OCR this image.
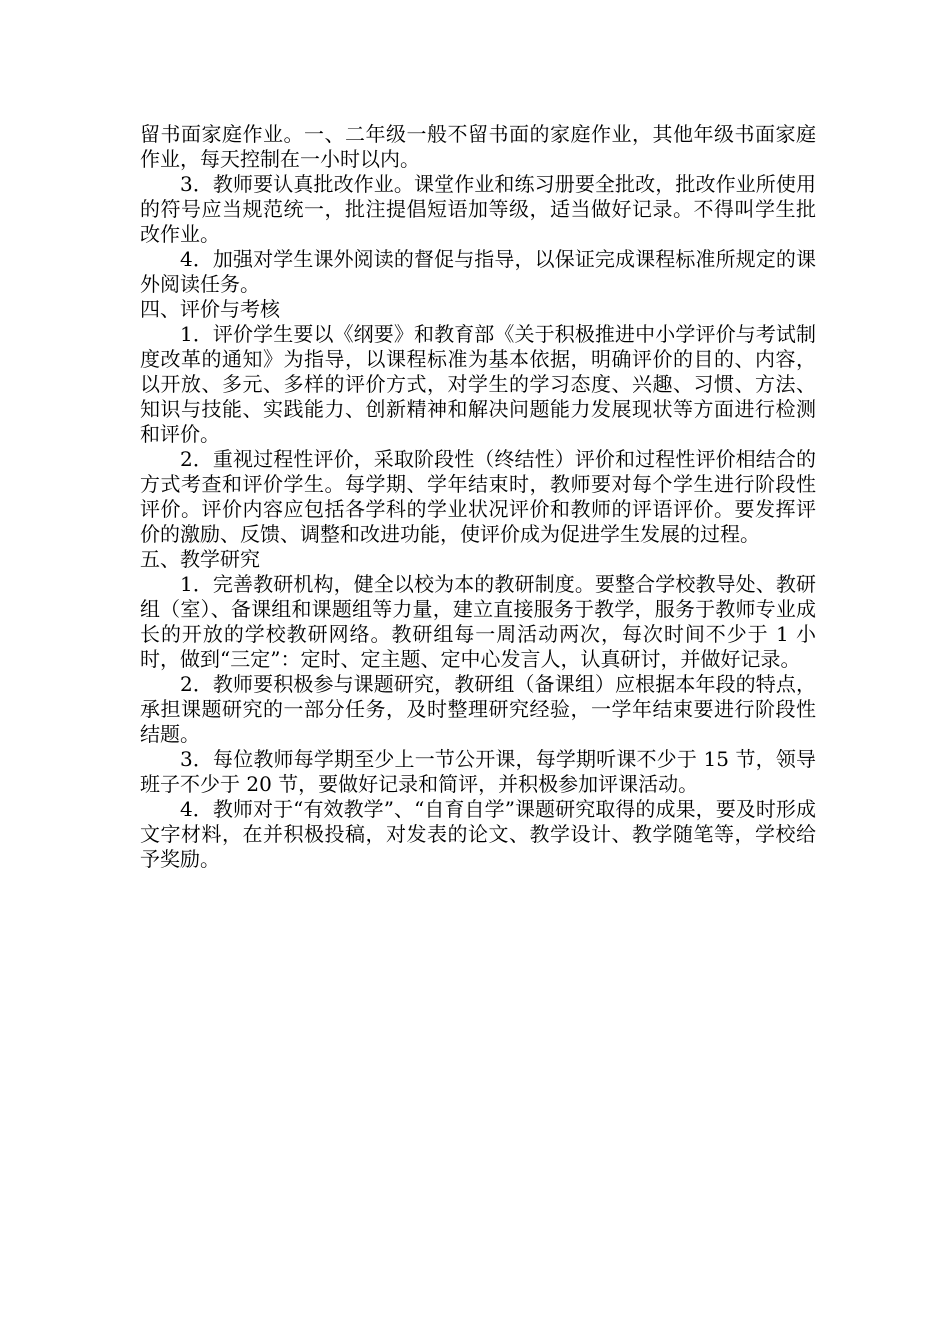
留书面家庭作业。一、二年级一般不留书面的家庭作业，其他年级书面家庭作业，每天控制在一小时以内。

3．教师要认真批改作业。课堂作业和练习册要全批改，批改作业所使用的符号应当规范统一，批注提倡短语加等级，适当做好记录。不得叫学生批改作业。

4．加强对学生课外阅读的督促与指导，以保证完成课程标准所规定的课外阅读任务。

四、评价与考核

1．评价学生要以《纲要》和教育部《关于积极推进中小学评价与考试制度改革的通知》为指导，以课程标准为基本依据，明确评价的目的、内容，以开放、多元、多样的评价方式，对学生的学习态度、兴趣、习惯、方法、知识与技能、实践能力、创新精神和解决问题能力发展现状等方面进行检测和评价。

2．重视过程性评价，采取阶段性（终结性）评价和过程性评价相结合的方式考查和评价学生。每学期、学年结束时，教师要对每个学生进行阶段性评价。评价内容应包括各学科的学业状况评价和教师的评语评价。要发挥评价的激励、反馈、调整和改进功能，使评价成为促进学生发展的过程。

五、教学研究

1．完善教研机构，健全以校为本的教研制度。要整合学校教导处、教研组（室）、备课组和课题组等力量，建立直接服务于教学，服务于教师专业成长的开放的学校教研网络。教研组每一周活动两次，每次时间不少于 1 小时，做到“三定”：定时、定主题、定中心发言人，认真研讨，并做好记录。

2．教师要积极参与课题研究，教研组（备课组）应根据本年段的特点，承担课题研究的一部分任务，及时整理研究经验，一学年结束要进行阶段性结题。

3．每位教师每学期至少上一节公开课，每学期听课不少于 15 节，领导班子不少于 20 节，要做好记录和简评，并积极参加评课活动。

4．教师对于“有效教学”、“自育自学”课题研究取得的成果，要及时形成文字材料，在并积极投稿，对发表的论文、教学设计、教学随笔等，学校给予奖励。
